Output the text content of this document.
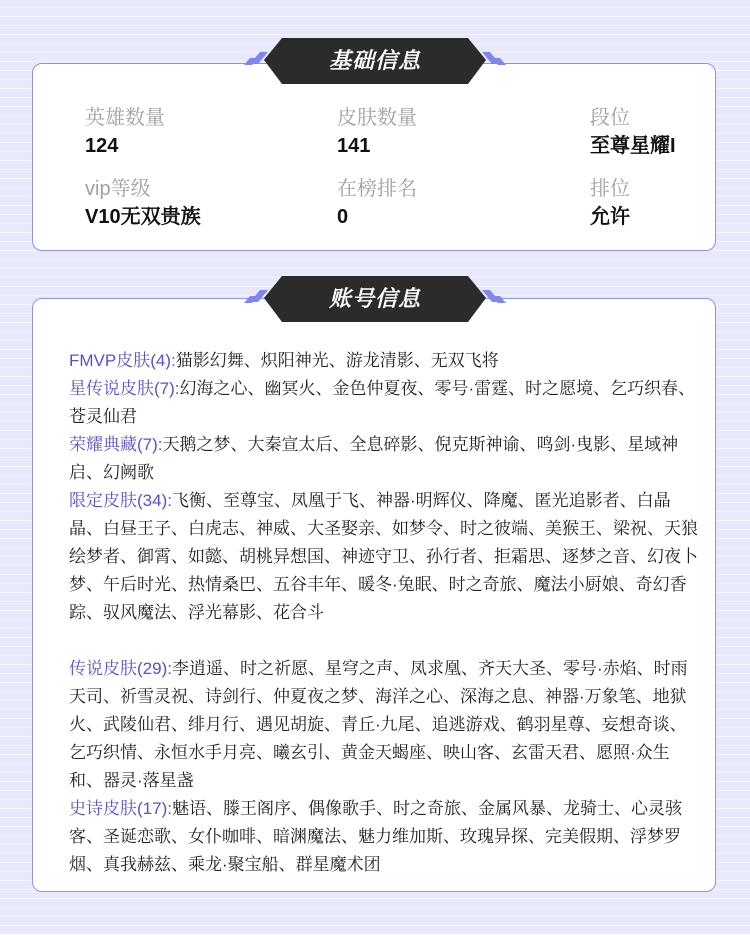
英雄数量
124
皮肤数量
141
段位
至尊星耀I
vip等级
V10无双贵族
在榜排名
0
排位
允许
基础信息

FMVP皮肤(4):猫影幻舞、炽阳神光、游龙清影、无双飞将

星传说皮肤(7):幻海之心、幽冥火、金色仲夏夜、零号·雷霆、时之愿境、乞巧织春、苍灵仙君

荣耀典藏(7):天鹅之梦、大秦宣太后、全息碎影、倪克斯神谕、鸣剑·曳影、星域神启、幻阙歌

限定皮肤(34):飞衡、至尊宝、凤凰于飞、神器·明辉仪、降魔、匿光追影者、白晶晶、白昼王子、白虎志、神威、大圣娶亲、如梦令、时之彼端、美猴王、梁祝、天狼绘梦者、御霄、如懿、胡桃异想国、神迹守卫、孙行者、拒霜思、逐梦之音、幻夜卜梦、午后时光、热情桑巴、五谷丰年、暖冬·兔眠、时之奇旅、魔法小厨娘、奇幻香踪、驭风魔法、浮光幕影、花合斗

传说皮肤(29):李逍遥、时之祈愿、星穹之声、凤求凰、齐天大圣、零号·赤焰、时雨天司、祈雪灵祝、诗剑行、仲夏夜之梦、海洋之心、深海之息、神器·万象笔、地狱火、武陵仙君、绯月行、遇见胡旋、青丘·九尾、追逃游戏、鹤羽星尊、妄想奇谈、乞巧织情、永恒水手月亮、曦玄引、黄金天蝎座、映山客、玄雷天君、愿照·众生和、器灵·落星盏

史诗皮肤(17):魅语、滕王阁序、偶像歌手、时之奇旅、金属风暴、龙骑士、心灵骇客、圣诞恋歌、女仆咖啡、暗渊魔法、魅力维加斯、玫瑰异探、完美假期、浮梦罗烟、真我赫兹、乘龙·聚宝船、群星魔术团

账号信息
